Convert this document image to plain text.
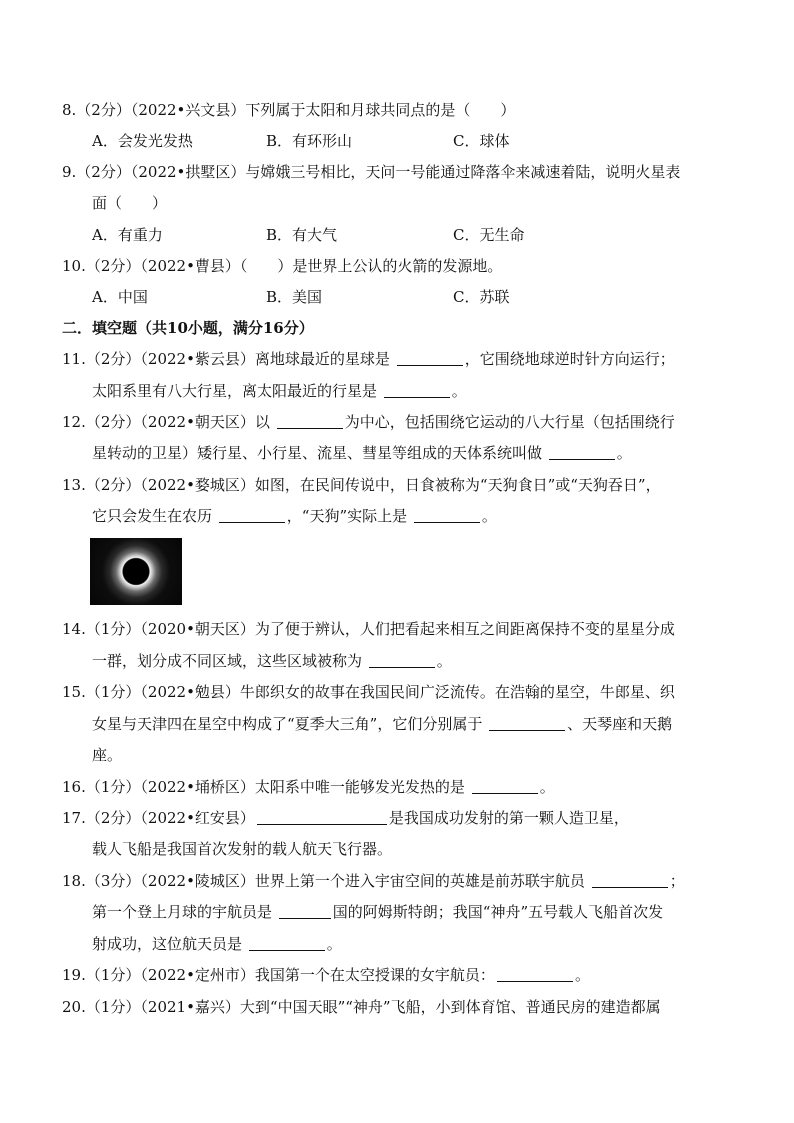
8.（2分）（2022•兴文县）下列属于太阳和月球共同点的是（　　）
A．会发光发热	B．有环形山	C．球体
9.（2分）（2022•拱墅区）与嫦娥三号相比，天问一号能通过降落伞来减速着陆，说明火星表
面（　　）
A．有重力	B．有大气	C．无生命
10.（2分）（2022•曹县）（　　）是世界上公认的火箭的发源地。
A．中国	B．美国	C．苏联
二．填空题（共10小题，满分16分）
11.（2分）（2022•紫云县）离地球最近的星球是	，它围绕地球逆时针方向运行；
太阳系里有八大行星，离太阳最近的行星是	。
12.（2分）（2022•朝天区）以	为中心，包括围绕它运动的八大行星（包括围绕行
星转动的卫星）矮行星、小行星、流星、彗星等组成的天体系统叫做	。
13.（2分）（2022•婺城区）如图，在民间传说中，日食被称为“天狗食日”或“天狗吞日”，
它只会发生在农历	，“天狗”实际上是	。
14.（1分）（2020•朝天区）为了便于辨认，人们把看起来相互之间距离保持不变的星星分成
一群，划分成不同区域，这些区域被称为	。
15.（1分）（2022•勉县）牛郎织女的故事在我国民间广泛流传。在浩翰的星空，牛郎星、织
女星与天津四在星空中构成了“夏季大三角”，它们分别属于	、天琴座和天鹅
座。
16.（1分）（2022•埇桥区）太阳系中唯一能够发光发热的是	。
17.（2分）（2022•红安县）	是我国成功发射的第一颗人造卫星，
载人飞船是我国首次发射的载人航天飞行器。
18.（3分）（2022•陵城区）世界上第一个进入宇宙空间的英雄是前苏联宇航员	；
第一个登上月球的宇航员是	国的阿姆斯特朗；我国“神舟”五号载人飞船首次发
射成功，这位航天员是	。
19.（1分）（2022•定州市）我国第一个在太空授课的女宇航员：	。
20.（1分）（2021•嘉兴）大到“中国天眼”“神舟”飞船，小到体育馆、普通民房的建造都属
